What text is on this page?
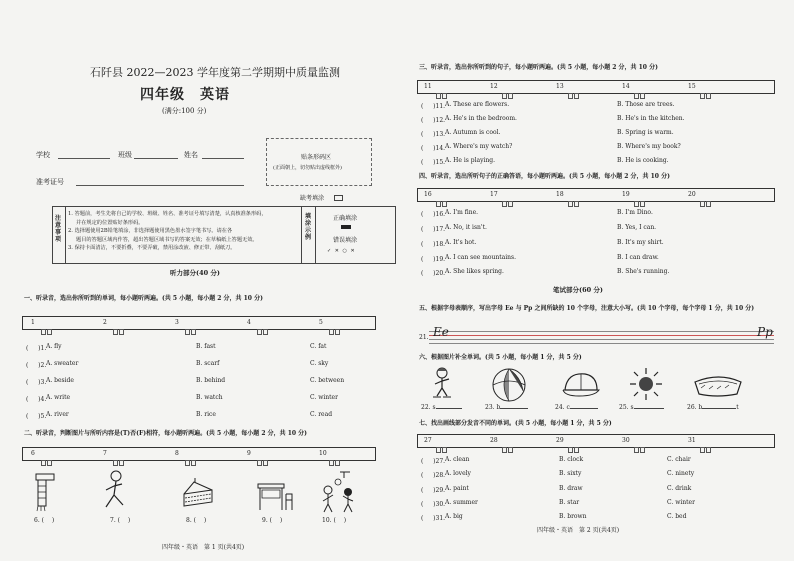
石阡县 2022—2023 学年度第二学期期中质量监测
四年级　英语
(满分:100 分)
学校	班级	姓名
准考证号
贴条形码区
(正面朝上，切勿贴出虚线框外)
缺考填涂
注意事项
1. 答题前，考生先将自己的学校、班级、姓名、准考证号填写清楚，认真核准条形码，
并在规定的位置贴好条形码。
2. 选择题使用2B铅笔填涂，非选择题使用黑色墨水签字笔书写。请在各
题目的答题区域内作答，超出答题区域书写的答案无效；在草稿纸上答题无效。
3. 保持卡面清洁，不要折叠，不要弄破，禁用涂改液、修正带、刮纸刀。
填涂示例
正确填涂
错误填涂
✓ ✕ ○ ✕
听力部分(40 分)
一、听录音，选出你所听到的单词，每小题听两遍。(共 5 小题，每小题 2 分，共 10 分)
1	2	3	4	5
( 　 )1. A. fly	B. fast	C. fat
( 　 )2. A. sweater	B. scarf	C. sky
( 　 )3. A. beside	B. behind	C. between
( 　 )4. A. write	B. watch	C. winter
( 　 )5. A. river	B. rice	C. read
二、听录音，判断图片与所听内容是(T)否(F)相符，每小题听两遍。(共 5 小题，每小题 2 分，共 10 分)
6	7	8	9	10
6. (　 )	7. (　 )	8. (　 )	9. (　 )	10. (　 )
四年级・英语　第 1 页(共4页)
三、听录音，选出你所听到的句子，每小题听两遍。(共 5 小题，每小题 2 分，共 10 分)
11	12	13	14	15
( 　 )11. A. These are flowers.	B. Those are trees.
( 　 )12. A. He's in the bedroom.	B. He's in the kitchen.
( 　 )13. A. Autumn is cool.	B. Spring is warm.
( 　 )14. A. Where's my watch?	B. Where's my book?
( 　 )15. A. He is playing.	B. He is cooking.
四、听录音，选出所听句子的正确答语，每小题听两遍。(共 5 小题，每小题 2 分，共 10 分)
16	17	18	19	20
( 　 )16. A. I'm fine.	B. I'm Dino.
( 　 )17. A. No, it isn't.	B. Yes, I can.
( 　 )18. A. It's hot.	B. It's my shirt.
( 　 )19. A. I can see mountains.	B. I can draw.
( 　 )20. A. She likes spring.	B. She's running.
笔试部分(60 分)
五、根据字母表顺序，写出字母 Ee 与 Pp 之间所缺的 10 个字母，注意大小写。(共 10 个字母，每个字母 1 分，共 10 分)
21. Ee	Pp
六、根据图片补全单词。(共 5 小题，每小题 1 分，共 5 分)
22. s	23. b	24. c	25. s	26. b	t
七、找出画线部分发音不同的单词。(共 5 小题，每小题 1 分，共 5 分)
27	28	29	30	31
( 　 )27. A. clean	B. clock	C. chair
( 　 )28. A. lovely	B. sixty	C. ninety
( 　 )29. A. paint	B. draw	C. drink
( 　 )30. A. summer	B. star	C. winter
( 　 )31. A. big	B. brown	C. bed
四年级・英语　第 2 页(共4页)
